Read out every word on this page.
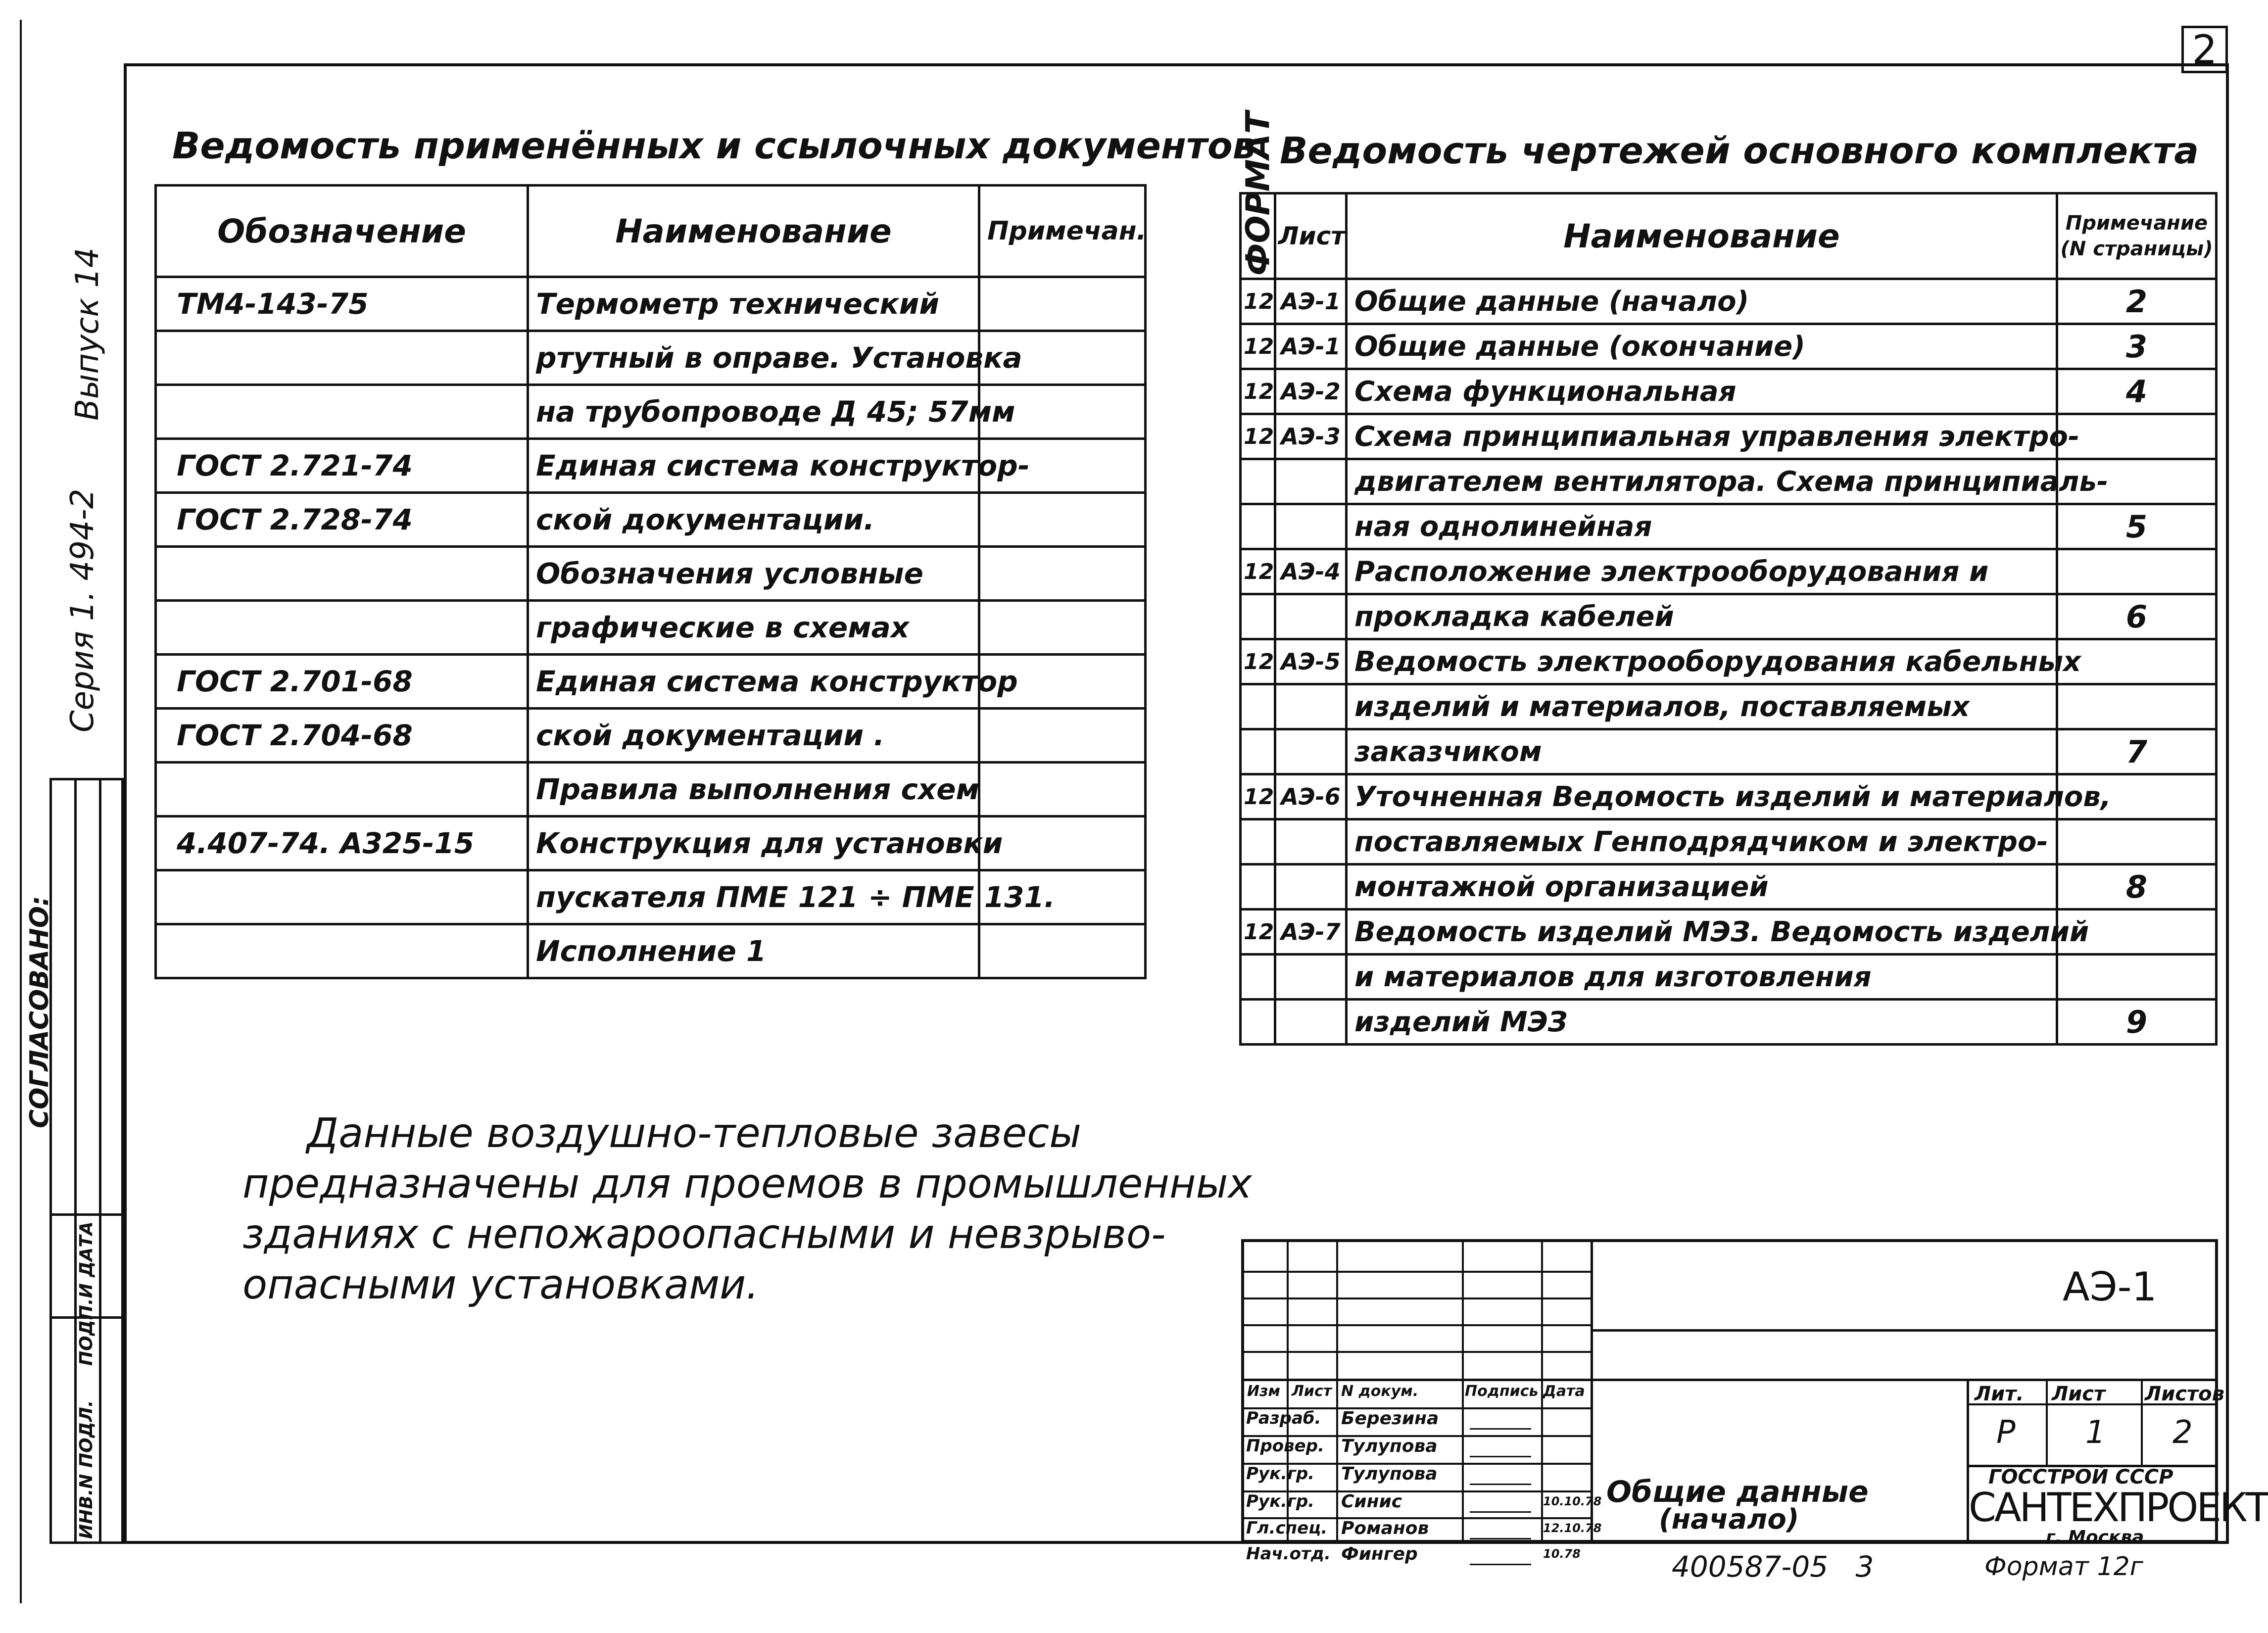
2
Серия 1. 494-2
Выпуск 14
СОГЛАСОВАНО:
ИНВ.N ПОДЛ.
ПОДП.И ДАТА
Ведомость применённых и ссылочных документов
Обозначение	Наименование	Примечан.
ТМ4-143-75	Термометр технический	
	ртутный в оправе. Установка	
	на трубопроводе Д 45; 57мм	
ГОСТ 2.721-74	Единая система конструктор-	
ГОСТ 2.728-74	ской документации.	
	Обозначения условные	
	графические в схемах	
ГОСТ 2.701-68	Единая система конструктор	
ГОСТ 2.704-68	ской документации .	
	Правила выполнения схем	
4.407-74. А325-15	Конструкция для установки	
	пускателя ПМЕ 121 ÷ ПМЕ 131.	
	Исполнение 1	
Ведомость чертежей основного комплекта
ФОРМАТ	Лист	Наименование	Примечание (N страницы)
12	АЭ-1	Общие данные (начало)	2
12	АЭ-1	Общие данные (окончание)	3
12	АЭ-2	Схема функциональная	4
12	АЭ-3	Схема принципиальная управления электро-	
		двигателем вентилятора. Схема принципиаль-	
		ная однолинейная	5
12	АЭ-4	Расположение электрооборудования и	
		прокладка кабелей	6
12	АЭ-5	Ведомость электрооборудования кабельных	
		изделий и материалов, поставляемых	
		заказчиком	7
12	АЭ-6	Уточненная Ведомость изделий и материалов,	
		поставляемых Генподрядчиком и электро-	
		монтажной организацией	8
12	АЭ-7	Ведомость изделий МЭЗ. Ведомость изделий	
		и материалов для изготовления	
		изделий МЭЗ	9
Данные воздушно-тепловые завесы
предназначены для проемов в промышленных
зданиях с непожароопасными и невзрыво-
опасными установками.	АЭ-1
Изм Лист N докум.	Подпись Дата
Разраб. Березина
Провер. Тулупова
Рук.гр. Тулупова
Рук.гр. Синис	10.10.78
Гл.спец. Романов	12.10.78
Нач.отд. Фингер	10.78
Общие данные
(начало)
Лит. Лист Листов
Р 1 2
ГОССТРОЙ СССР
САНТЕХПРОЕКТ
г. Москва
400587-05   3	Формат 12г
